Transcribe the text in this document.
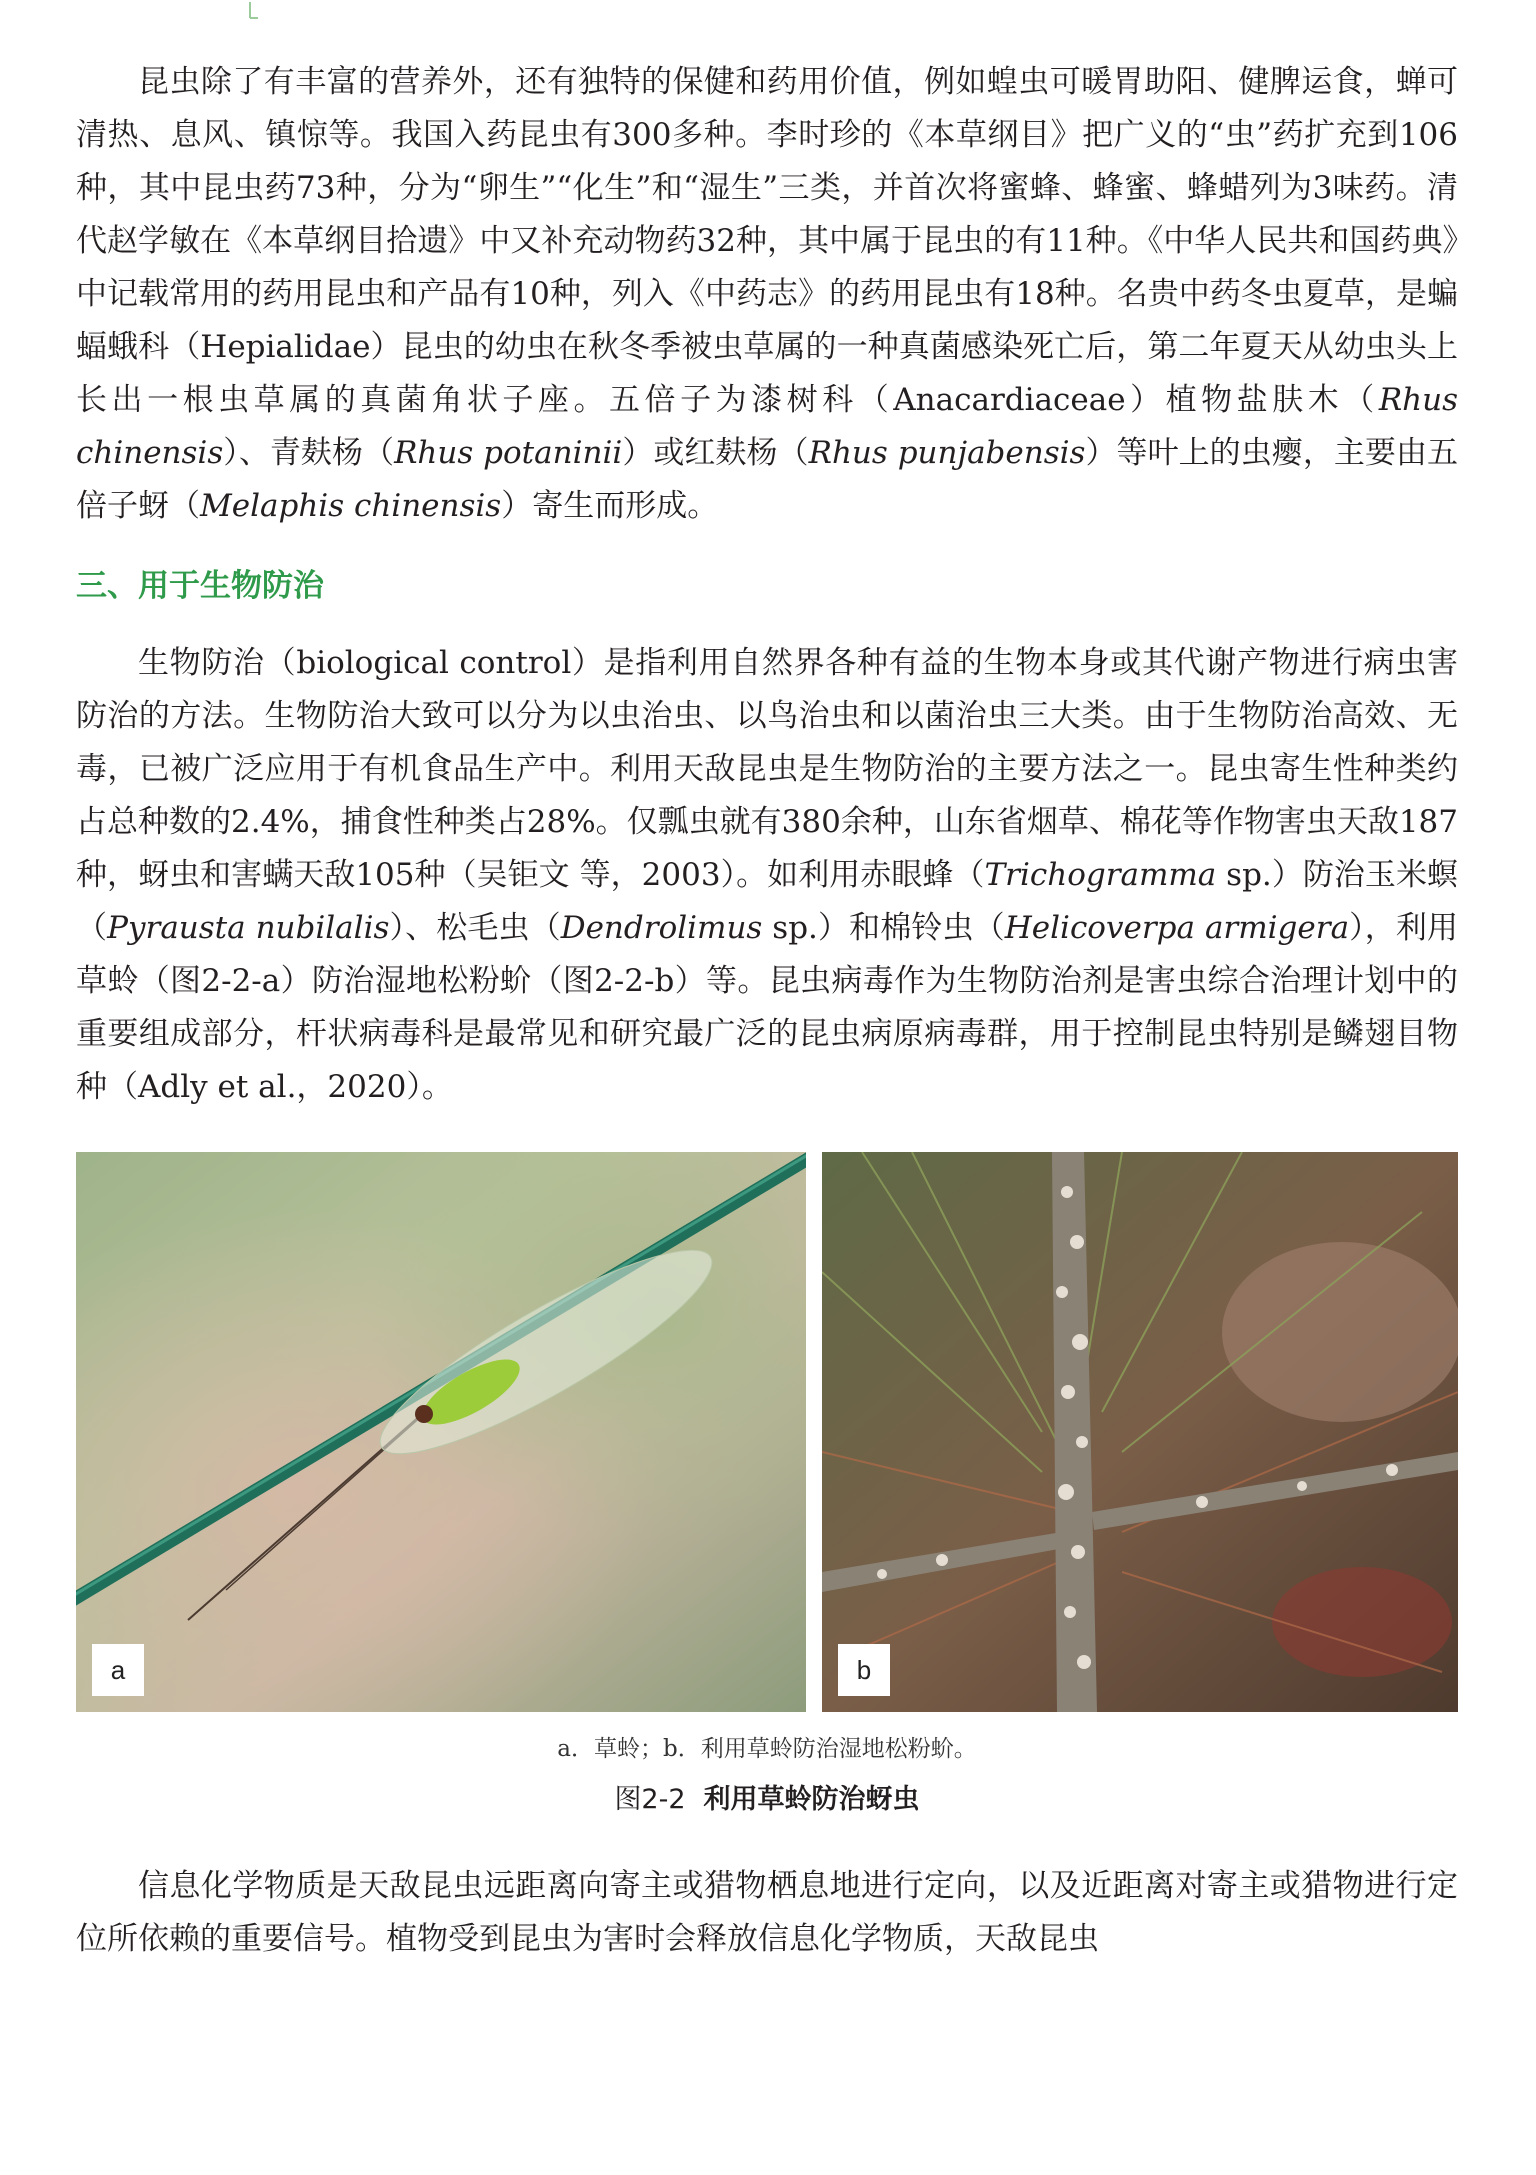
昆虫除了有丰富的营养外，还有独特的保健和药用价值，例如蝗虫可暖胃助阳、健脾运食，蝉可清热、息风、镇惊等。我国入药昆虫有300多种。李时珍的《本草纲目》把广义的“虫”药扩充到106种，其中昆虫药73种，分为“卵生”“化生”和“湿生”三类，并首次将蜜蜂、蜂蜜、蜂蜡列为3味药。清代赵学敏在《本草纲目拾遗》中又补充动物药32种，其中属于昆虫的有11种。《中华人民共和国药典》中记载常用的药用昆虫和产品有10种，列入《中药志》的药用昆虫有18种。名贵中药冬虫夏草，是蝙蝠蛾科（Hepialidae）昆虫的幼虫在秋冬季被虫草属的一种真菌感染死亡后，第二年夏天从幼虫头上长出一根虫草属的真菌角状子座。五倍子为漆树科（Anacardiaceae）植物盐肤木（Rhus chinensis）、青麸杨（Rhus potaninii）或红麸杨（Rhus punjabensis）等叶上的虫瘿，主要由五倍子蚜（Melaphis chinensis）寄生而形成。

三、用于生物防治

生物防治（biological control）是指利用自然界各种有益的生物本身或其代谢产物进行病虫害防治的方法。生物防治大致可以分为以虫治虫、以鸟治虫和以菌治虫三大类。由于生物防治高效、无毒，已被广泛应用于有机食品生产中。利用天敌昆虫是生物防治的主要方法之一。昆虫寄生性种类约占总种数的2.4%，捕食性种类占28%。仅瓢虫就有380余种，山东省烟草、棉花等作物害虫天敌187种，蚜虫和害螨天敌105种（吴钜文 等，2003）。如利用赤眼蜂（Trichogramma sp.）防治玉米螟（Pyrausta nubilalis）、松毛虫（Dendrolimus sp.）和棉铃虫（Helicoverpa armigera），利用草蛉（图2-2-a）防治湿地松粉蚧（图2-2-b）等。昆虫病毒作为生物防治剂是害虫综合治理计划中的重要组成部分，杆状病毒科是最常见和研究最广泛的昆虫病原病毒群，用于控制昆虫特别是鳞翅目物种（Adly et al.，2020）。

a	b
a．草蛉；b．利用草蛉防治湿地松粉蚧。
图2-2 利用草蛉防治蚜虫

信息化学物质是天敌昆虫远距离向寄主或猎物栖息地进行定向，以及近距离对寄主或猎物进行定位所依赖的重要信号。植物受到昆虫为害时会释放信息化学物质，天敌昆虫
